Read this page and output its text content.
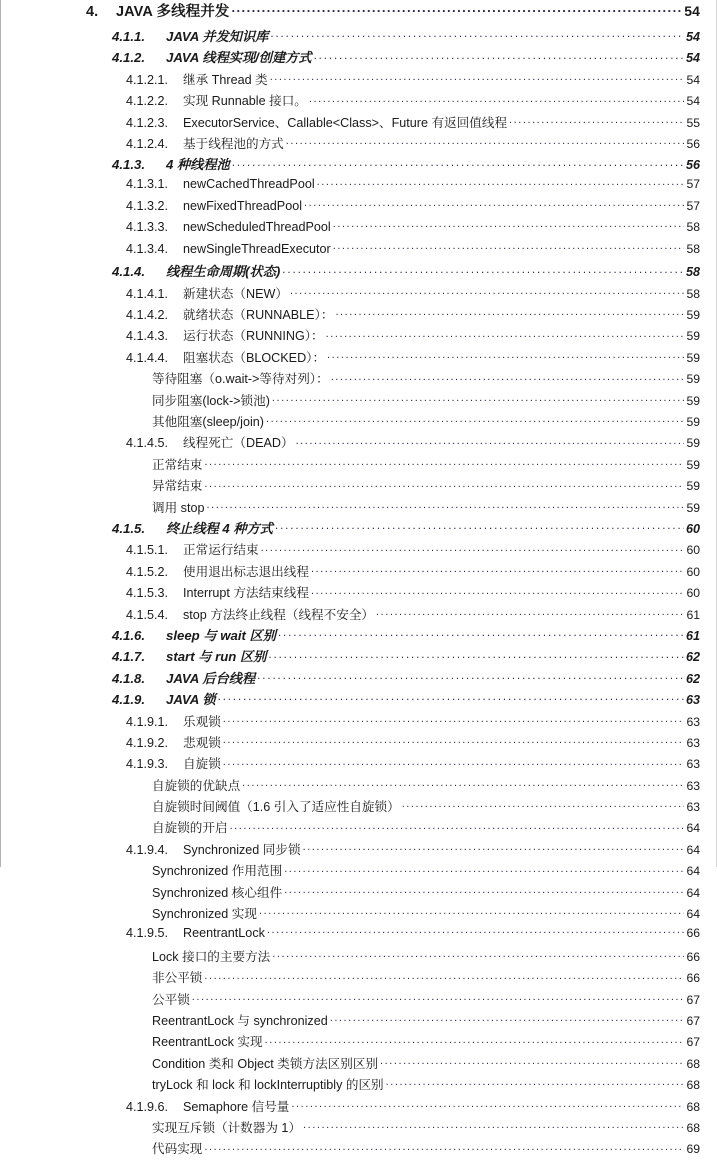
4.	JAVA 多线程并发 .....	54
4.1.1.	JAVA 并发知识库 .....	54
4.1.2.	JAVA 线程实现/创建方式 .....	54
4.1.2.1.	继承 Thread 类 .....	54
4.1.2.2.	实现 Runnable 接口。 .....	54
4.1.2.3.	ExecutorService、Callable<Class>、Future 有返回值线程 .....	55
4.1.2.4.	基于线程池的方式 .....	56
4.1.3.	4 种线程池 .....	56
4.1.3.1.	newCachedThreadPool .....	57
4.1.3.2.	newFixedThreadPool .....	57
4.1.3.3.	newScheduledThreadPool .....	58
4.1.3.4.	newSingleThreadExecutor .....	58
4.1.4.	线程生命周期(状态) .....	58
4.1.4.1.	新建状态（NEW） .....	58
4.1.4.2.	就绪状态（RUNNABLE）： .....	59
4.1.4.3.	运行状态（RUNNING）： .....	59
4.1.4.4.	阻塞状态（BLOCKED）： .....	59
等待阻塞（o.wait->等待对列）： .....	59
同步阻塞(lock->锁池) .....	59
其他阻塞(sleep/join) .....	59
4.1.4.5.	线程死亡（DEAD） .....	59
正常结束 .....	59
异常结束 .....	59
调用 stop .....	59
4.1.5.	终止线程 4 种方式 .....	60
4.1.5.1.	正常运行结束 .....	60
4.1.5.2.	使用退出标志退出线程 .....	60
4.1.5.3.	Interrupt 方法结束线程 .....	60
4.1.5.4.	stop 方法终止线程（线程不安全） .....	61
4.1.6.	sleep 与 wait 区别 .....	61
4.1.7.	start 与 run 区别 .....	62
4.1.8.	JAVA 后台线程 .....	62
4.1.9.	JAVA 锁 .....	63
4.1.9.1.	乐观锁 .....	63
4.1.9.2.	悲观锁 .....	63
4.1.9.3.	自旋锁 .....	63
自旋锁的优缺点 .....	63
自旋锁时间阈值（1.6 引入了适应性自旋锁） .....	63
自旋锁的开启 .....	64
4.1.9.4.	Synchronized 同步锁 .....	64
Synchronized 作用范围 .....	64
Synchronized 核心组件 .....	64
Synchronized 实现 .....	64
4.1.9.5.	ReentrantLock .....	66
Lock 接口的主要方法 .....	66
非公平锁 .....	66
公平锁 .....	67
ReentrantLock 与 synchronized .....	67
ReentrantLock 实现 .....	67
Condition 类和 Object 类锁方法区别区别 .....	68
tryLock 和 lock 和 lockInterruptibly 的区别 .....	68
4.1.9.6.	Semaphore 信号量 .....	68
实现互斥锁（计数器为 1） .....	68
代码实现 .....	69
